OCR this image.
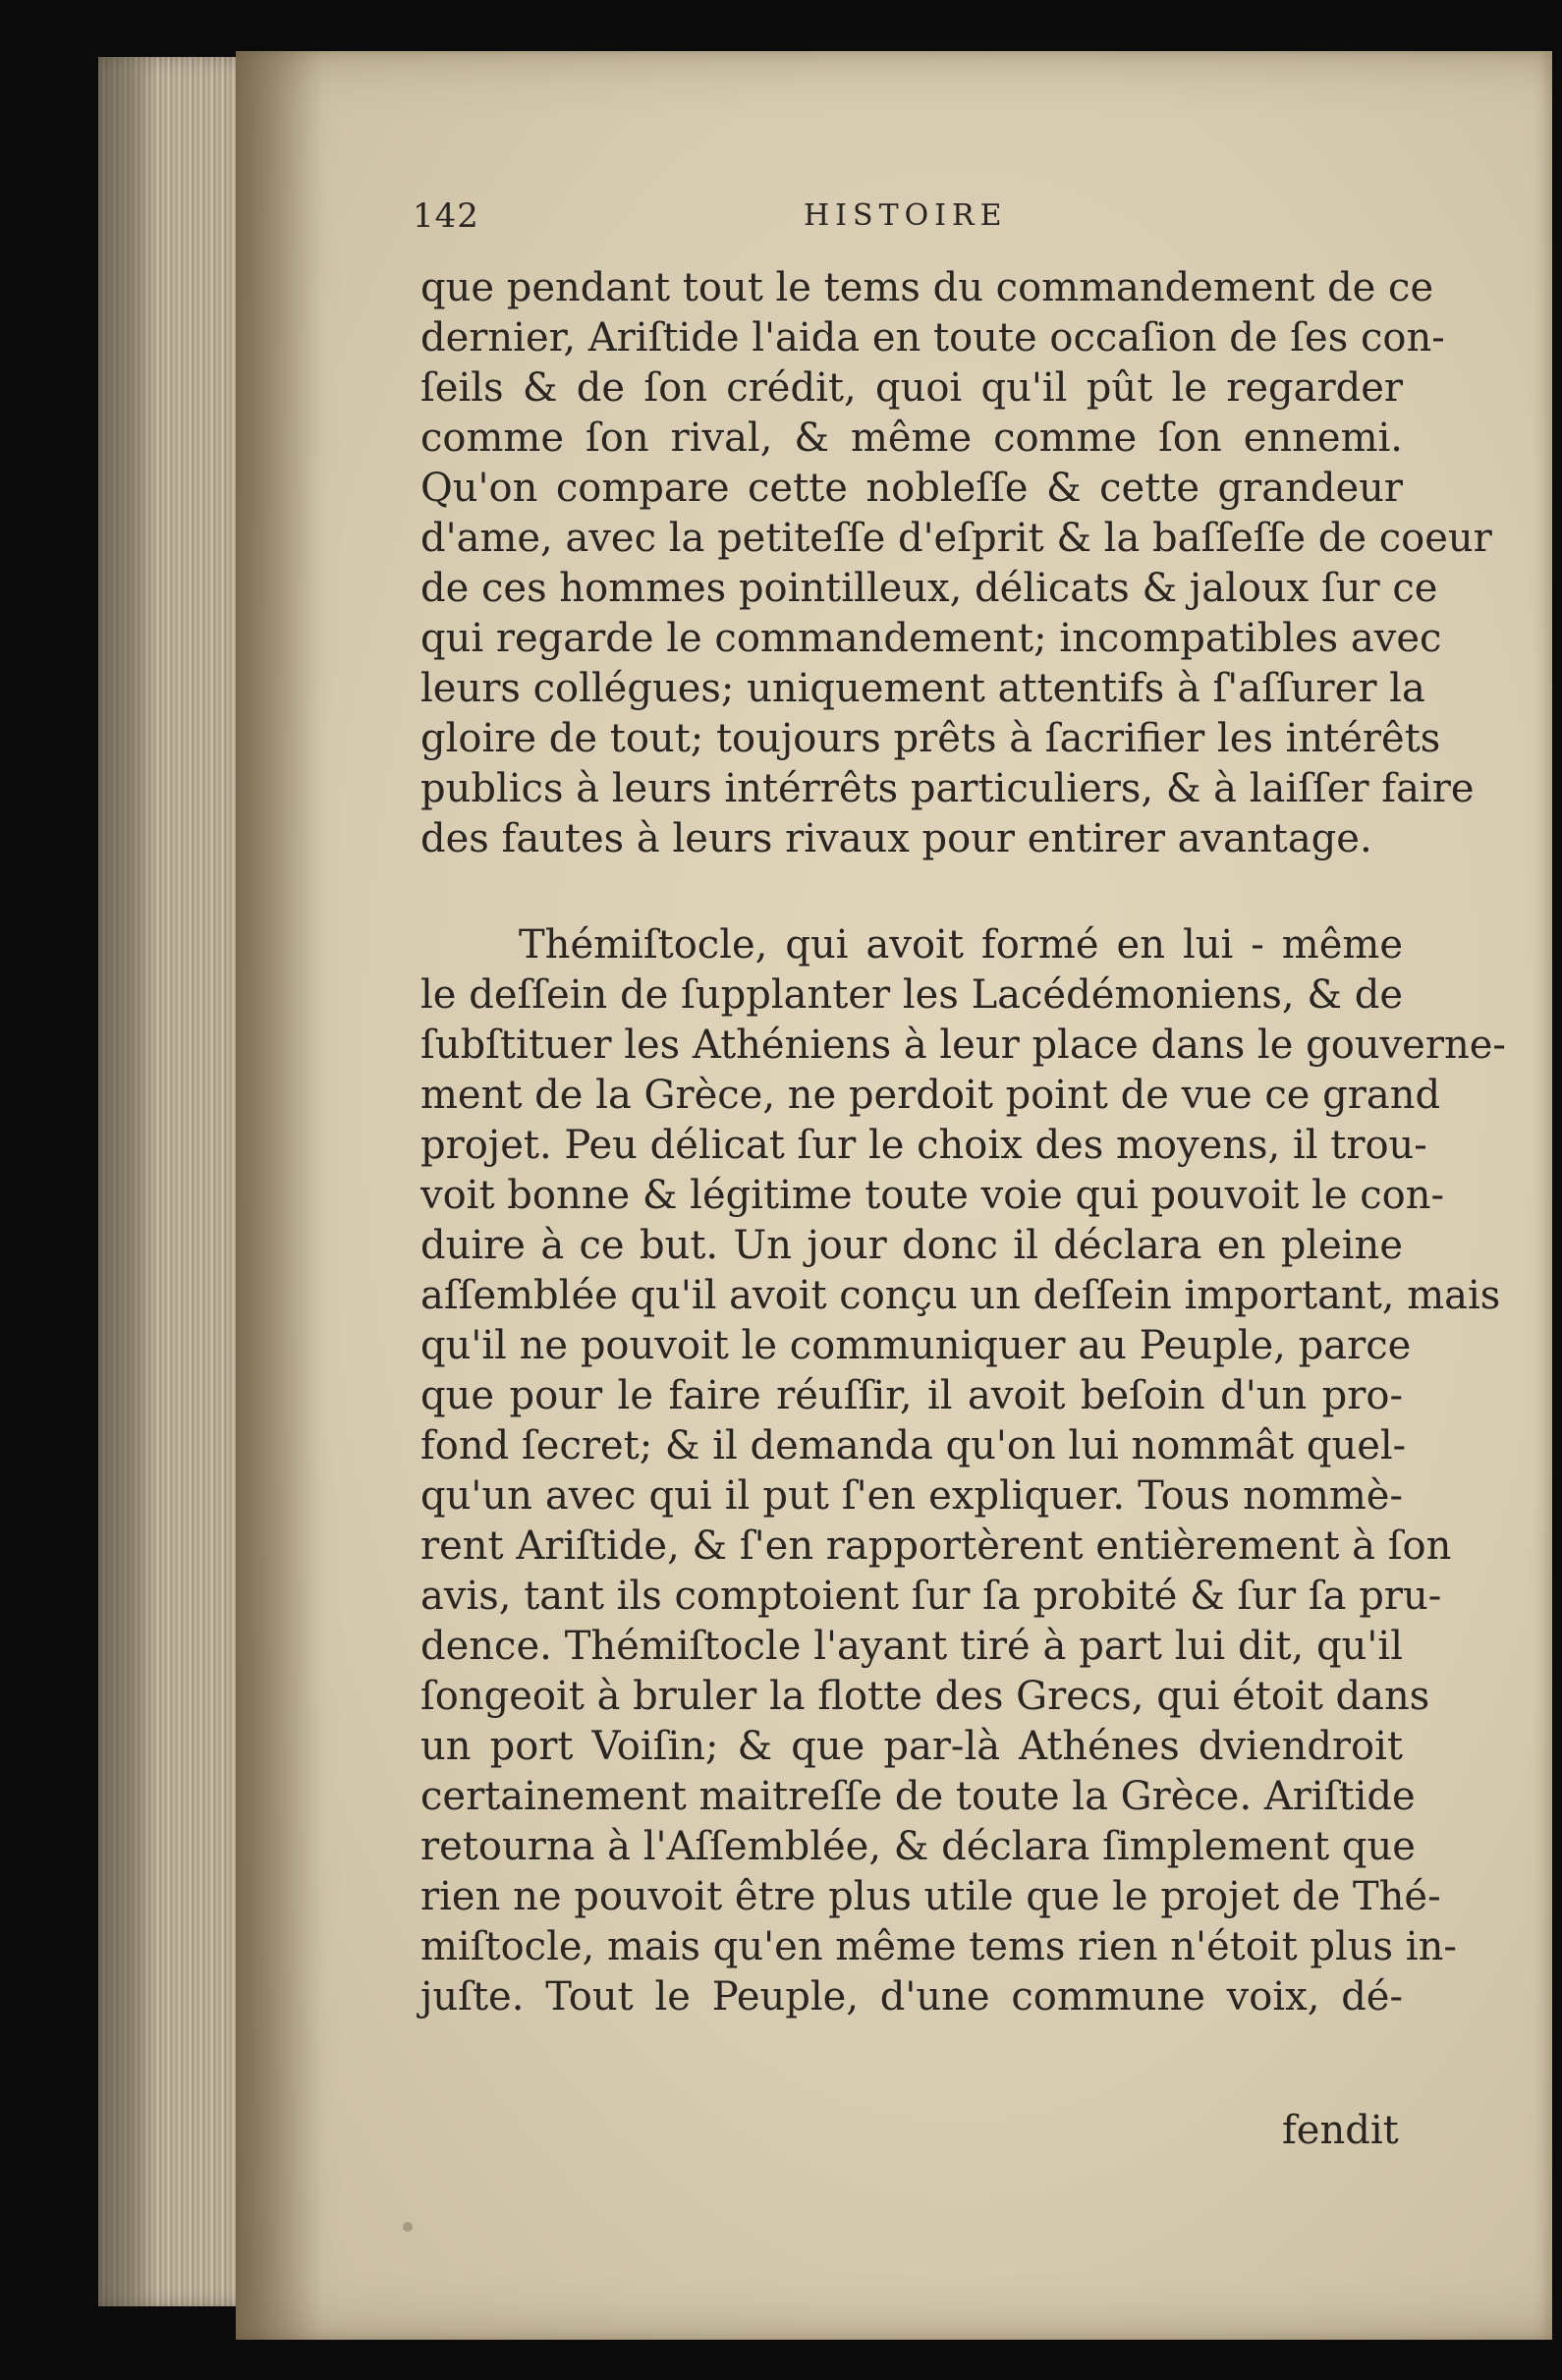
142	HISTOIRE
que pendant tout le tems du commandement de ce
dernier, Ariſtide l'aida en toute occaſion de ſes con-
ſeils & de ſon crédit, quoi qu'il pût le regarder
comme ſon rival, & même comme ſon ennemi.
Qu'on compare cette nobleſſe & cette grandeur
d'ame, avec la petiteſſe d'eſprit & la baſſeſſe de coeur
de ces hommes pointilleux, délicats & jaloux ſur ce
qui regarde le commandement; incompatibles avec
leurs collégues; uniquement attentifs à ſ'aſſurer la
gloire de tout; toujours prêts à ſacrifier les intérêts
publics à leurs intérrêts particuliers, & à laiſſer faire
des fautes à leurs rivaux pour entirer avantage.
Thémiſtocle, qui avoit formé en lui - même
le deſſein de ſupplanter les Lacédémoniens, & de
ſubſtituer les Athéniens à leur place dans le gouverne-
ment de la Grèce, ne perdoit point de vue ce grand
projet. Peu délicat ſur le choix des moyens, il trou-
voit bonne & légitime toute voie qui pouvoit le con-
duire à ce but. Un jour donc il déclara en pleine
aſſemblée qu'il avoit conçu un deſſein important, mais
qu'il ne pouvoit le communiquer au Peuple, parce
que pour le faire réuſſir, il avoit beſoin d'un pro-
fond ſecret; & il demanda qu'on lui nommât quel-
qu'un avec qui il put ſ'en expliquer. Tous nommè-
rent Ariſtide, & ſ'en rapportèrent entièrement à ſon
avis, tant ils comptoient ſur ſa probité & ſur ſa pru-
dence. Thémiſtocle l'ayant tiré à part lui dit, qu'il
ſongeoit à bruler la flotte des Grecs, qui étoit dans
un port Voiſin; & que par-là Athénes dviendroit
certainement maitreſſe de toute la Grèce. Ariſtide
retourna à l'Aſſemblée, & déclara ſimplement que
rien ne pouvoit être plus utile que le projet de Thé-
miſtocle, mais qu'en même tems rien n'étoit plus in-
juſte. Tout le Peuple, d'une commune voix, dé-
fendit
